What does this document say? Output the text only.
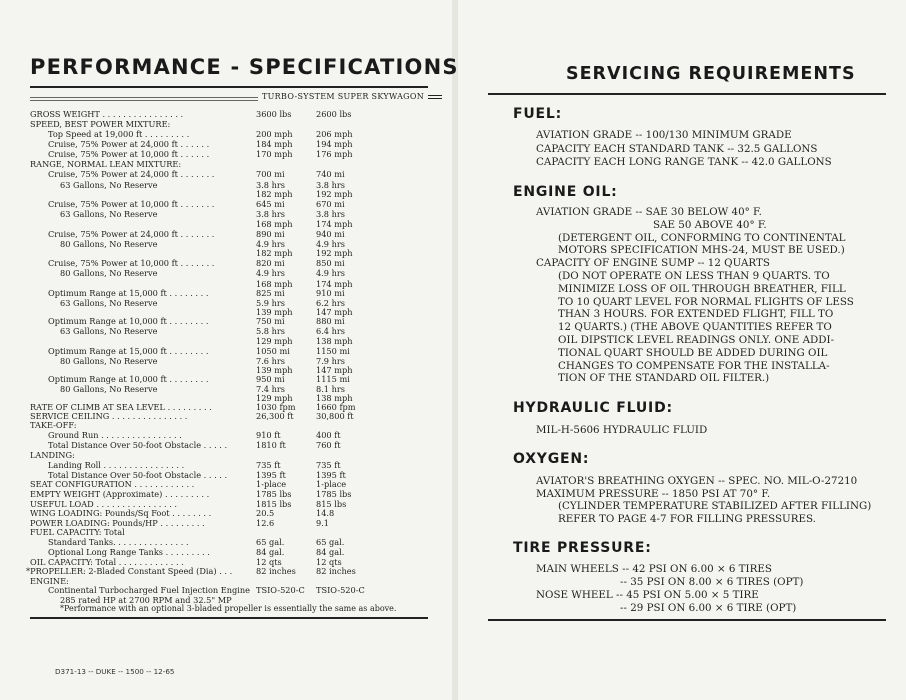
PERFORMANCE - SPECIFICATIONS
TURBO-SYSTEM SUPER SKYWAGON
GROSS WEIGHT . . . . . . . . . . . . . . . .	3600 lbs	2600 lbs
SPEED, BEST POWER MIXTURE:
Top Speed at 19,000 ft . . . . . . . . .	200 mph	206 mph
Cruise, 75% Power at 24,000 ft . . . . . .	184 mph	194 mph
Cruise, 75% Power at 10,000 ft . . . . . .	170 mph	176 mph
RANGE, NORMAL LEAN MIXTURE:
Cruise, 75% Power at 24,000 ft . . . . . . .	700 mi	740 mi
63 Gallons, No Reserve	3.8 hrs	3.8 hrs
182 mph	192 mph
Cruise, 75% Power at 10,000 ft . . . . . . .	645 mi	670 mi
63 Gallons, No Reserve	3.8 hrs	3.8 hrs
168 mph	174 mph
Cruise, 75% Power at 24,000 ft . . . . . . .	890 mi	940 mi
80 Gallons, No Reserve	4.9 hrs	4.9 hrs
182 mph	192 mph
Cruise, 75% Power at 10,000 ft . . . . . . .	820 mi	850 mi
80 Gallons, No Reserve	4.9 hrs	4.9 hrs
168 mph	174 mph
Optimum Range at 15,000 ft . . . . . . . .	825 mi	910 mi
63 Gallons, No Reserve	5.9 hrs	6.2 hrs
139 mph	147 mph
Optimum Range at 10,000 ft . . . . . . . .	750 mi	880 mi
63 Gallons, No Reserve	5.8 hrs	6.4 hrs
129 mph	138 mph
Optimum Range at 15,000 ft . . . . . . . .	1050 mi	1150 mi
80 Gallons, No Reserve	7.6 hrs	7.9 hrs
139 mph	147 mph
Optimum Range at 10,000 ft . . . . . . . .	950 mi	1115 mi
80 Gallons, No Reserve	7.4 hrs	8.1 hrs
129 mph	138 mph
RATE OF CLIMB AT SEA LEVEL . . . . . . . . .	1030 fpm	1660 fpm
SERVICE CEILING . . . . . . . . . . . . . . .	26,300 ft	30,800 ft
TAKE-OFF:
Ground Run . . . . . . . . . . . . . . . .	910 ft	400 ft
Total Distance Over 50-foot Obstacle . . . . .	1810 ft	760 ft
LANDING:
Landing Roll . . . . . . . . . . . . . . . .	735 ft	735 ft
Total Distance Over 50-foot Obstacle . . . . .	1395 ft	1395 ft
SEAT CONFIGURATION . . . . . . . . . . . .	1-place	1-place
EMPTY WEIGHT (Approximate) . . . . . . . . .	1785 lbs	1785 lbs
USEFUL LOAD . . . . . . . . . . . . . . . .	1815 lbs	815 lbs
WING LOADING: Pounds/Sq Foot . . . . . . . .	20.5	14.8
POWER LOADING: Pounds/HP . . . . . . . . .	12.6	9.1
FUEL CAPACITY: Total
Standard Tanks. . . . . . . . . . . . . . .	65 gal.	65 gal.
Optional Long Range Tanks . . . . . . . . .	84 gal.	84 gal.
OIL CAPACITY: Total . . . . . . . . . . . . .	12 qts	12 qts
*PROPELLER: 2-Bladed Constant Speed (Dia) . . .	82 inches 82 inches
ENGINE:
Continental Turbocharged Fuel Injection Engine TSIO-520-C TSIO-520-C
285 rated HP at 2700 RPM and 32.5" MP
*Performance with an optional 3-bladed propeller is essentially the same as above.
D371-13 -- DUKE -- 1500 -- 12-65
SERVICING REQUIREMENTS
FUEL:
AVIATION GRADE -- 100/130 MINIMUM GRADE
CAPACITY EACH STANDARD TANK -- 32.5 GALLONS
CAPACITY EACH LONG RANGE TANK -- 42.0 GALLONS
ENGINE OIL:
AVIATION GRADE -- SAE 30 BELOW 40° F.
SAE 50 ABOVE 40° F.
(DETERGENT OIL, CONFORMING TO CONTINENTAL
MOTORS SPECIFICATION MHS-24, MUST BE USED.)
CAPACITY OF ENGINE SUMP -- 12 QUARTS
(DO NOT OPERATE ON LESS THAN 9 QUARTS. TO
MINIMIZE LOSS OF OIL THROUGH BREATHER, FILL
TO 10 QUART LEVEL FOR NORMAL FLIGHTS OF LESS
THAN 3 HOURS. FOR EXTENDED FLIGHT, FILL TO
12 QUARTS.) (THE ABOVE QUANTITIES REFER TO
OIL DIPSTICK LEVEL READINGS ONLY. ONE ADDI-
TIONAL QUART SHOULD BE ADDED DURING OIL
CHANGES TO COMPENSATE FOR THE INSTALLA-
TION OF THE STANDARD OIL FILTER.)
HYDRAULIC FLUID:
MIL-H-5606 HYDRAULIC FLUID
OXYGEN:
AVIATOR'S BREATHING OXYGEN -- SPEC. NO. MIL-O-27210
MAXIMUM PRESSURE -- 1850 PSI AT 70° F.
(CYLINDER TEMPERATURE STABILIZED AFTER FILLING)
REFER TO PAGE 4-7 FOR FILLING PRESSURES.
TIRE PRESSURE:
MAIN WHEELS -- 42 PSI ON 6.00 × 6 TIRES
-- 35 PSI ON 8.00 × 6 TIRES (OPT)
NOSE WHEEL -- 45 PSI ON 5.00 × 5 TIRE
-- 29 PSI ON 6.00 × 6 TIRE (OPT)
